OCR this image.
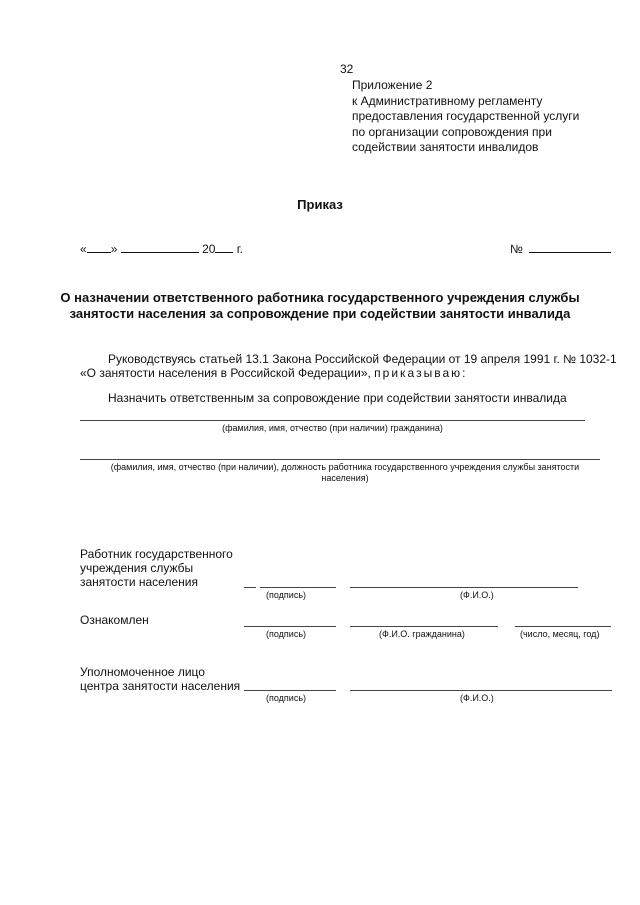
32
Приложение 2
к Административному регламенту
предоставления государственной услуги
по организации сопровождения при
содействии занятости инвалидов
Приказ
« »	20 г.	№
О назначении ответственного работника государственного учреждения службы занятости населения за сопровождение при содействии занятости инвалида
Руководствуясь статьей 13.1 Закона Российской Федерации от 19 апреля 1991 г. № 1032-1
«О занятости населения в Российской Федерации», приказываю:
Назначить ответственным за сопровождение при содействии занятости инвалида
(фамилия, имя, отчество (при наличии) гражданина)
(фамилия, имя, отчество (при наличии), должность работника государственного учреждения службы занятости
населения)
Работник государственного
учреждения службы
занятости населения
(подпись)	(Ф.И.О.)
Ознакомлен
(подпись)	(Ф.И.О. гражданина)	(число, месяц, год)
Уполномоченное лицо
центра занятости населения
(подпись)	(Ф.И.О.)
